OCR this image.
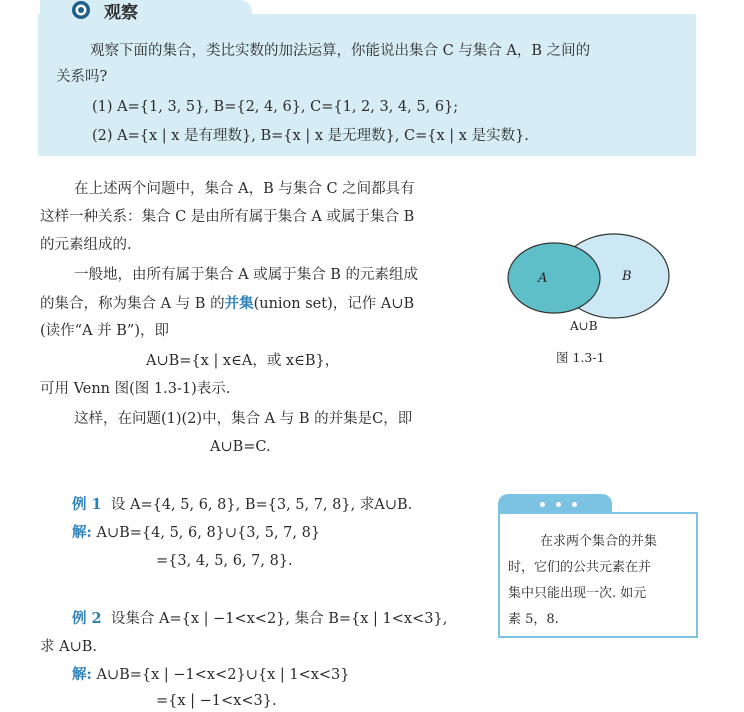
观察
观察下面的集合，类比实数的加法运算，你能说出集合 C 与集合 A，B 之间的
关系吗?
(1) A={1, 3, 5}, B={2, 4, 6}, C={1, 2, 3, 4, 5, 6};
(2) A={x | x 是有理数}, B={x | x 是无理数}, C={x | x 是实数}.
在上述两个问题中，集合 A，B 与集合 C 之间都具有
这样一种关系：集合 C 是由所有属于集合 A 或属于集合 B
的元素组成的.
一般地，由所有属于集合 A 或属于集合 B 的元素组成
的集合，称为集合 A 与 B 的并集(union set)，记作 A∪B
(读作“A 并 B”)，即
A∪B={x | x∈A，或 x∈B}，
可用 Venn 图(图 1.3-1)表示.
这样，在问题(1)(2)中，集合 A 与 B 的并集是C，即
A∪B=C.
A	B
A∪B
图 1.3-1
例 1 设 A={4, 5, 6, 8}, B={3, 5, 7, 8}, 求A∪B.
解: A∪B={4, 5, 6, 8}∪{3, 5, 7, 8}
={3, 4, 5, 6, 7, 8}.
例 2 设集合 A={x | −1<x<2}, 集合 B={x | 1<x<3},
求 A∪B.
解: A∪B={x | −1<x<2}∪{x | 1<x<3}
={x | −1<x<3}.
在求两个集合的并集
时，它们的公共元素在并
集中只能出现一次. 如元
素 5，8.
